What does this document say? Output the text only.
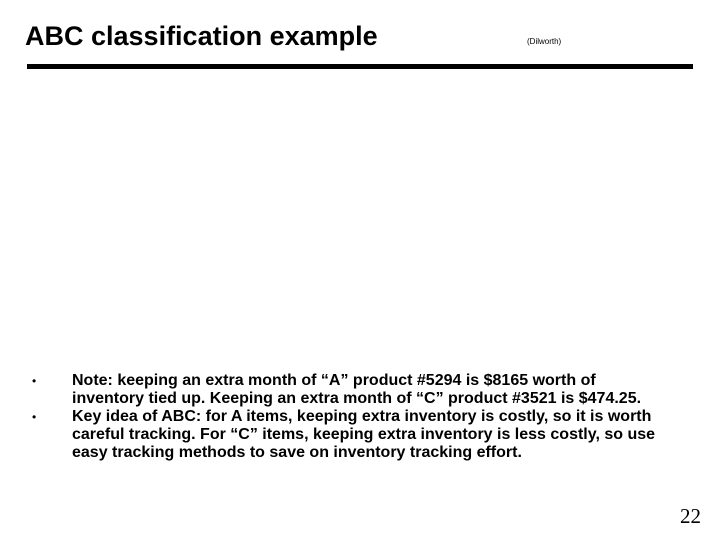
ABC classification example	(Dilworth)
•	Note: keeping an extra month of “A” product #5294 is $8165 worth of inventory tied up. Keeping an extra month of “C” product #3521 is $474.25.
•	Key idea of ABC: for A items, keeping extra inventory is costly, so it is worth careful tracking. For “C” items, keeping extra inventory is less costly, so use easy tracking methods to save on inventory tracking effort.
22
